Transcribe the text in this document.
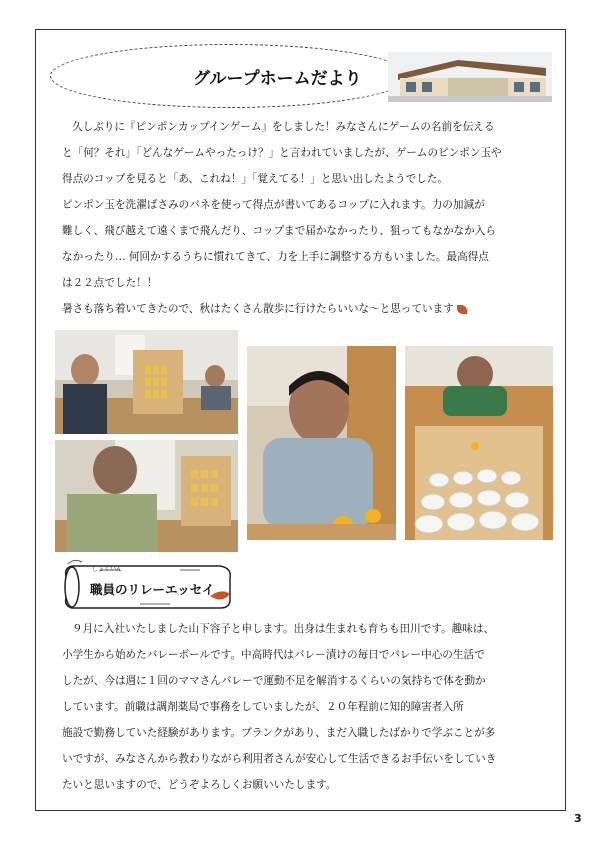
グループホームだより

久しぶりに『ピンポンカップインゲーム』をしました！みなさんにゲームの名前を伝える

と「何？それ」「どんなゲームやったっけ？」と言われていましたが、ゲームのピンポン玉や

得点のコップを見ると「あ、これね！」「覚えてる！」と思い出したようでした。

ピンポン玉を洗濯ばさみのバネを使って得点が書いてあるコップに入れます。力の加減が

難しく、飛び越えて遠くまで飛んだり、コップまで届かなかったり、狙ってもなかなか入ら

なかったり… 何回かするうちに慣れてきて、力を上手に調整する方もいました。最高得点

は２２点でした！！

暑さも落ち着いてきたので、秋はたくさん散歩に行けたらいいな～と思っています

しょくいん
職員のリレーエッセイ

９月に入社いたしました山下容子と申します。出身は生まれも育ちも田川です。趣味は、

小学生から始めたバレーボールです。中高時代はバレー漬けの毎日でバレー中心の生活で

したが、今は週に１回のママさんバレーで運動不足を解消するくらいの気持ちで体を動か

しています。前職は調剤薬局で事務をしていましたが、２０年程前に知的障害者入所

施設で勤務していた経験があります。ブランクがあり、まだ入職したばかりで学ぶことが多

いですが、みなさんから教わりながら利用者さんが安心して生活できるお手伝いをしていき

たいと思いますので、どうぞよろしくお願いいたします。

3
